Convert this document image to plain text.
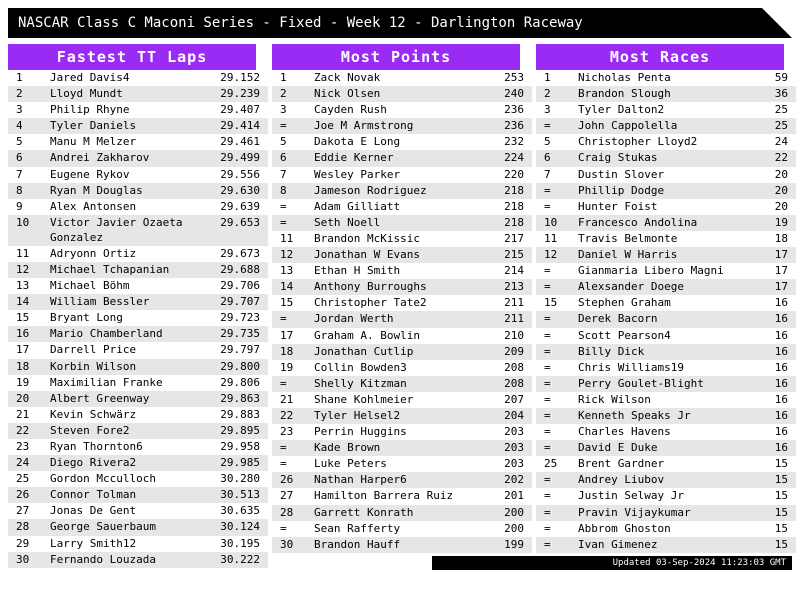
NASCAR Class C Maconi Series - Fixed - Week 12 - Darlington Raceway
Fastest TT Laps
1	Jared Davis4	29.152
2	Lloyd Mundt	29.239
3	Philip Rhyne	29.407
4	Tyler Daniels	29.414
5	Manu M Melzer	29.461
6	Andrei Zakharov	29.499
7	Eugene Rykov	29.556
8	Ryan M Douglas	29.630
9	Alex Antonsen	29.639
10	Victor Javier Ozaeta Gonzalez	29.653
11	Adryonn Ortiz	29.673
12	Michael Tchapanian	29.688
13	Michael Böhm	29.706
14	William Bessler	29.707
15	Bryant Long	29.723
16	Mario Chamberland	29.735
17	Darrell Price	29.797
18	Korbin Wilson	29.800
19	Maximilian Franke	29.806
20	Albert Greenway	29.863
21	Kevin Schwärz	29.883
22	Steven Fore2	29.895
23	Ryan Thornton6	29.958
24	Diego Rivera2	29.985
25	Gordon Mcculloch	30.280
26	Connor Tolman	30.513
27	Jonas De Gent	30.635
28	George Sauerbaum	30.124
29	Larry Smith12	30.195
30	Fernando Louzada	30.222
Most Points
1	Zack Novak	253
2	Nick Olsen	240
3	Cayden Rush	236
=	Joe M Armstrong	236
5	Dakota E Long	232
6	Eddie Kerner	224
7	Wesley Parker	220
8	Jameson Rodriguez	218
=	Adam Gilliatt	218
=	Seth Noell	218
11	Brandon McKissic	217
12	Jonathan W Evans	215
13	Ethan H Smith	214
14	Anthony Burroughs	213
15	Christopher Tate2	211
=	Jordan Werth	211
17	Graham A. Bowlin	210
18	Jonathan Cutlip	209
19	Collin Bowden3	208
=	Shelly Kitzman	208
21	Shane Kohlmeier	207
22	Tyler Helsel2	204
23	Perrin Huggins	203
=	Kade Brown	203
=	Luke Peters	203
26	Nathan Harper6	202
27	Hamilton Barrera Ruiz	201
28	Garrett Konrath	200
=	Sean Rafferty	200
30	Brandon Hauff	199
Most Races
1	Nicholas Penta	59
2	Brandon Slough	36
3	Tyler Dalton2	25
=	John Cappolella	25
5	Christopher Lloyd2	24
6	Craig Stukas	22
7	Dustin Slover	20
=	Phillip Dodge	20
=	Hunter Foist	20
10	Francesco Andolina	19
11	Travis Belmonte	18
12	Daniel W Harris	17
=	Gianmaria Libero Magni	17
=	Alexsander Doege	17
15	Stephen Graham	16
=	Derek Bacorn	16
=	Scott Pearson4	16
=	Billy Dick	16
=	Chris Williams19	16
=	Perry Goulet-Blight	16
=	Rick Wilson	16
=	Kenneth Speaks Jr	16
=	Charles Havens	16
=	David E Duke	16
25	Brent Gardner	15
=	Andrey Liubov	15
=	Justin Selway Jr	15
=	Pravin Vijaykumar	15
=	Abbrom Ghoston	15
=	Ivan Gimenez	15
Updated 03-Sep-2024 11:23:03 GMT
